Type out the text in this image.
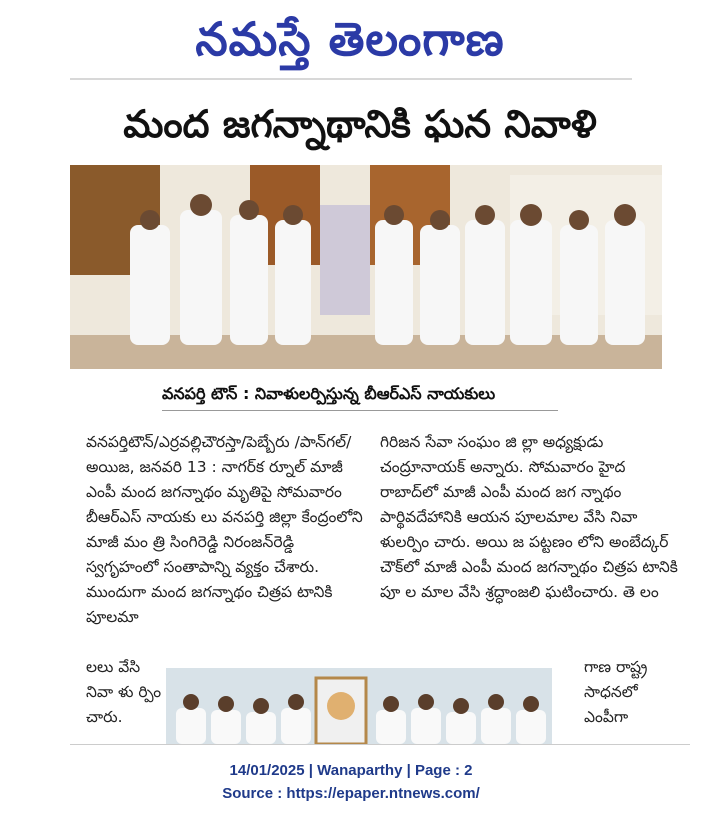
నమస్తే తెలంగాణ
మంద జగన్నాథానికి ఘన నివాళి
వనపర్తి టౌన్ : నివాళులర్పిస్తున్న బీఆర్ఎస్ నాయకులు
వనపర్తిటౌన్/ఎర్రవల్లిచౌరస్తా/పెబ్బేరు /పాన్‌గల్/అయిజ, జనవరి 13 : నాగర్‌క ర్నూల్ మాజీ ఎంపీ మంద జగన్నాథం మృతిపై సోమవారం బీఆర్ఎస్ నాయకు లు వనపర్తి జిల్లా కేంద్రంలోని మాజీ మం త్రి సింగిరెడ్డి నిరంజన్‌రెడ్డి స్వగృహంలో సంతాపాన్ని వ్యక్తం చేశారు. ముందుగా మంద జగన్నాథం చిత్రప టానికి పూలమా
గిరిజన సేవా సంఘం జి ల్లా అధ్యక్షుడు చంద్రూనాయక్ అన్నారు. సోమవారం హైద రాబాద్‌లో మాజీ ఎంపీ మంద జగ న్నాథం పార్థివదేహానికి ఆయన పూలమాల వేసి నివా ళులర్పిం చారు. అయి జ పట్టణం లోని అంబేద్కర్ చౌక్‌లో మాజీ ఎంపీ మంద జగన్నాథం చిత్రప టానికి పూ ల మాల వేసి శ్రద్ధాంజలి ఘటించారు. తె లం
లలు వేసి నివా ళు ర్పిం చారు.
గాణ రాష్ట్ర సాధనలో ఎంపీగా
14/01/2025 | Wanaparthy | Page : 2
Source : https://epaper.ntnews.com/
